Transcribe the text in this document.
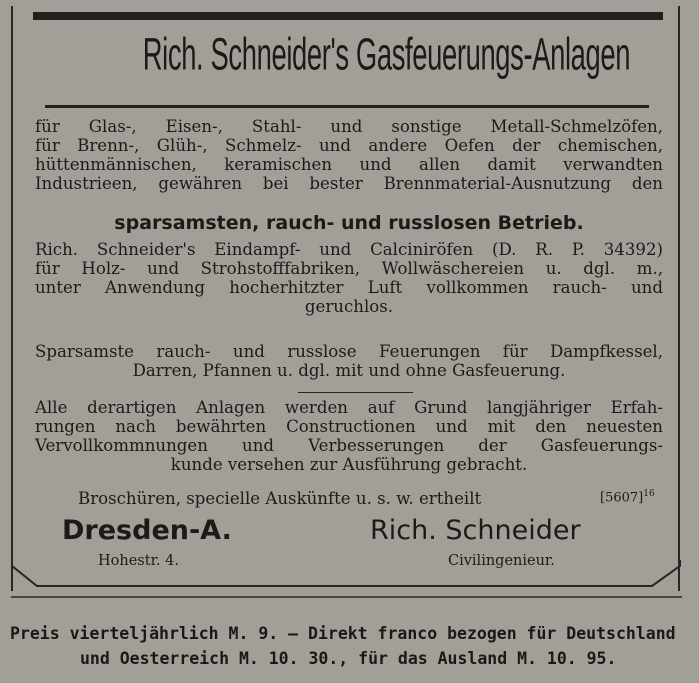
Rich. Schneider's Gasfeuerungs-Anlagen
für Glas-, Eisen-, Stahl- und sonstige Metall-Schmelzöfen,
für Brenn-, Glüh-, Schmelz- und andere Oefen der chemischen,
hüttenmännischen, keramischen und allen damit verwandten
Industrieen, gewähren bei bester Brennmaterial-Ausnutzung den
sparsamsten, rauch- und russlosen Betrieb.
Rich. Schneider's Eindampf- und Calciniröfen (D. R. P. 34392)
für Holz- und Strohstofffabriken, Wollwäschereien u. dgl. m.,
unter Anwendung hocherhitzter Luft vollkommen rauch- und
geruchlos.
Sparsamste rauch- und russlose Feuerungen für Dampfkessel,
Darren, Pfannen u. dgl. mit und ohne Gasfeuerung.
Alle derartigen Anlagen werden auf Grund langjähriger Erfah-
rungen nach bewährten Constructionen und mit den neuesten
Vervollkommnungen und Verbesserungen der Gasfeuerungs-
kunde versehen zur Ausführung gebracht.
Broschüren, specielle Auskünfte u. s. w. ertheilt	$[5607]^{16}$
Dresden-A.
Hohestr. 4.
Rich. Schneider
Civilingenieur.
Preis vierteljährlich M. 9. — Direkt franco bezogen für Deutschland
und Oesterreich M. 10. 30., für das Ausland M. 10. 95.
